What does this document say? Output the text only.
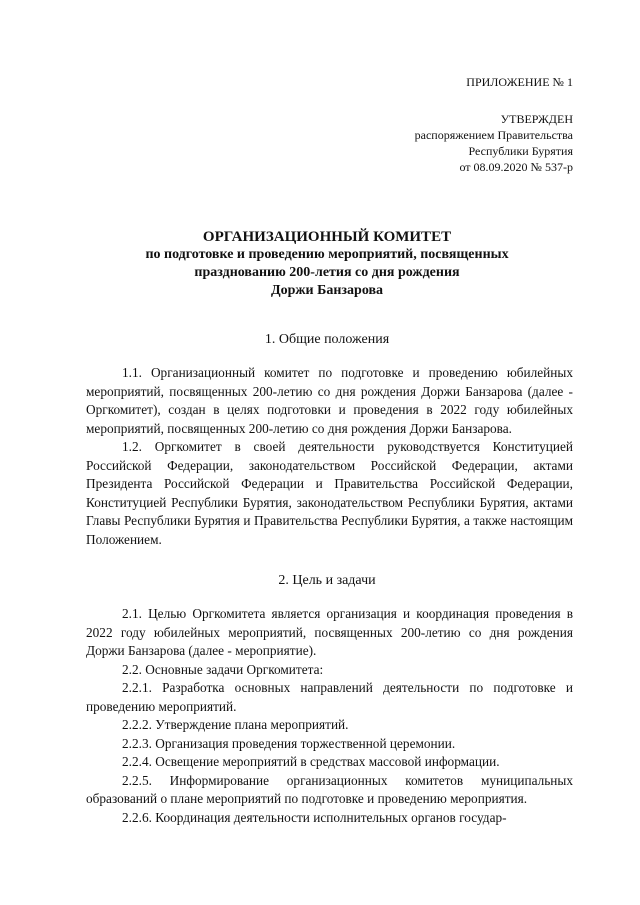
ПРИЛОЖЕНИЕ № 1
УТВЕРЖДЕН
распоряжением Правительства
Республики Бурятия
от 08.09.2020 № 537-р
ОРГАНИЗАЦИОННЫЙ КОМИТЕТ
по подготовке и проведению мероприятий, посвященных
празднованию 200-летия со дня рождения
Доржи Банзарова
1. Общие положения

1.1. Организационный комитет по подготовке и проведению юбилейных мероприятий, посвященных 200-летию со дня рождения Доржи Банзарова (далее - Оргкомитет), создан в целях подготовки и проведения в 2022 году юбилейных мероприятий, посвященных 200-летию со дня рождения Доржи Банзарова.

1.2. Оргкомитет в своей деятельности руководствуется Конституцией Российской Федерации, законодательством Российской Федерации, актами Президента Российской Федерации и Правительства Российской Федерации, Конституцией Республики Бурятия, законодательством Республики Бурятия, актами Главы Республики Бурятия и Правительства Республики Бурятия, а также настоящим Положением.

2. Цель и задачи

2.1. Целью Оргкомитета является организация и координация проведения в 2022 году юбилейных мероприятий, посвященных 200-летию со дня рождения Доржи Банзарова (далее - мероприятие).

2.2. Основные задачи Оргкомитета:

2.2.1. Разработка основных направлений деятельности по подготовке и проведению мероприятий.

2.2.2. Утверждение плана мероприятий.

2.2.3. Организация проведения торжественной церемонии.

2.2.4. Освещение мероприятий в средствах массовой информации.

2.2.5. Информирование организационных комитетов муниципальных образований о плане мероприятий по подготовке и проведению мероприятия.

2.2.6. Координация деятельности исполнительных органов государ-
